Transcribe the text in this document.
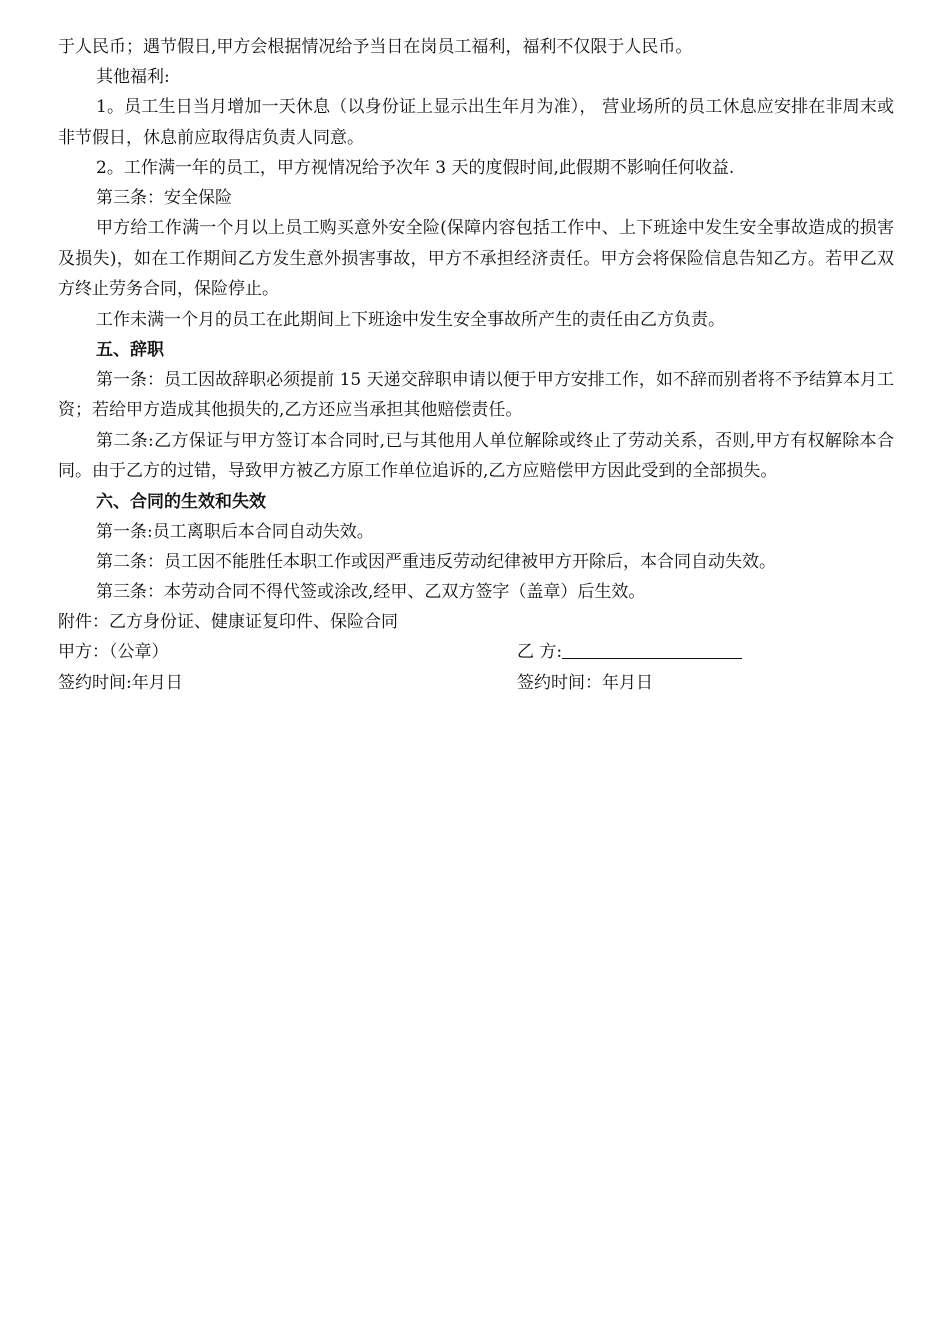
于人民币；遇节假日,甲方会根据情况给予当日在岗员工福利，福利不仅限于人民币。
其他福利:

1。员工生日当月增加一天休息（以身份证上显示出生年月为准）， 营业场所的员工休息应安排在非周末或非节假日，休息前应取得店负责人同意。

2。工作满一年的员工，甲方视情况给予次年 3 天的度假时间,此假期不影响任何收益.
第三条：安全保险

甲方给工作满一个月以上员工购买意外安全险(保障内容包括工作中、上下班途中发生安全事故造成的损害及损失)，如在工作期间乙方发生意外损害事故，甲方不承担经济责任。甲方会将保险信息告知乙方。若甲乙双方终止劳务合同，保险停止。

工作未满一个月的员工在此期间上下班途中发生安全事故所产生的责任由乙方负责。
五、辞职

第一条：员工因故辞职必须提前 15 天递交辞职申请以便于甲方安排工作，如不辞而别者将不予结算本月工资；若给甲方造成其他损失的,乙方还应当承担其他赔偿责任。

第二条:乙方保证与甲方签订本合同时,已与其他用人单位解除或终止了劳动关系，否则,甲方有权解除本合同。由于乙方的过错，导致甲方被乙方原工作单位追诉的,乙方应赔偿甲方因此受到的全部损失。

六、合同的生效和失效
第一条:员工离职后本合同自动失效。
第二条：员工因不能胜任本职工作或因严重违反劳动纪律被甲方开除后，本合同自动失效。
第三条：本劳动合同不得代签或涂改,经甲、乙双方签字（盖章）后生效。
附件：乙方身份证、健康证复印件、保险合同
甲方：（公章）	乙 方:
签约时间:年月日	签约时间：年月日
